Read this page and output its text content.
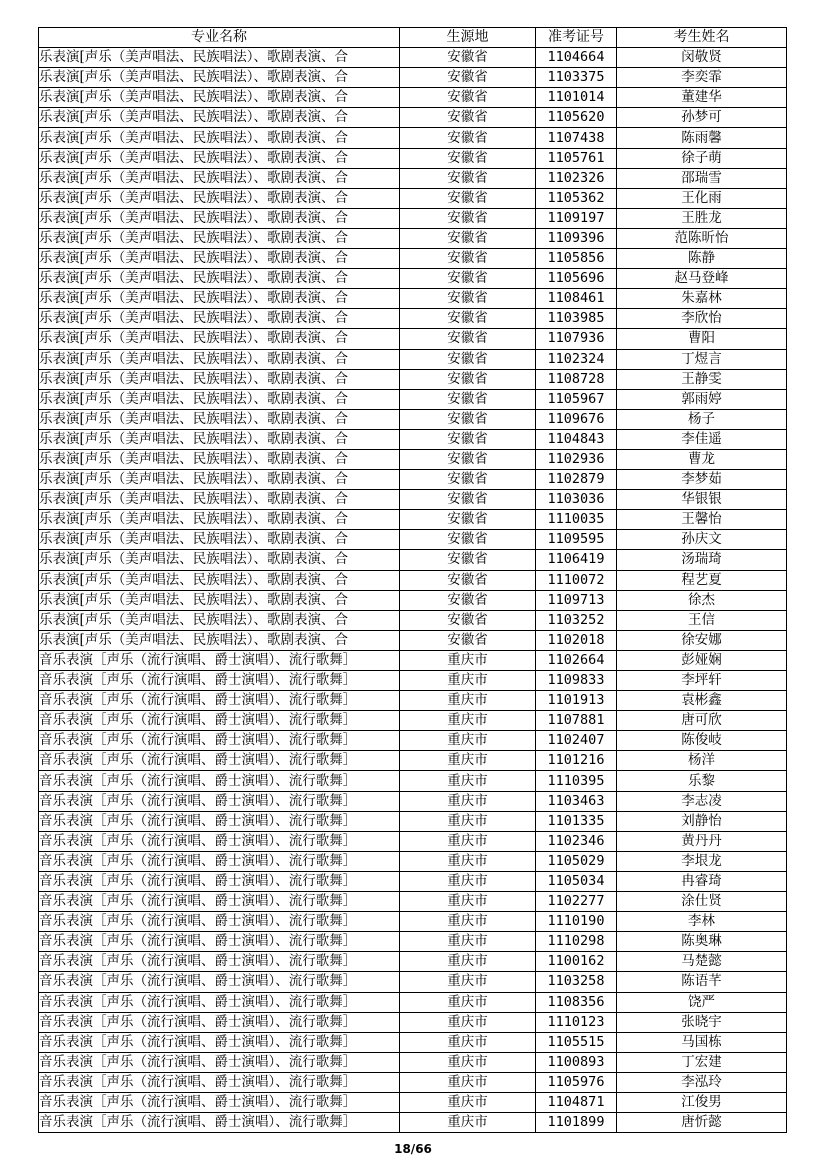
专业名称	生源地	准考证号	考生姓名
乐表演[声乐（美声唱法、民族唱法）、歌剧表演、合	安徽省	1104664	闵敬贤
乐表演[声乐（美声唱法、民族唱法）、歌剧表演、合	安徽省	1103375	李奕霏
乐表演[声乐（美声唱法、民族唱法）、歌剧表演、合	安徽省	1101014	董建华
乐表演[声乐（美声唱法、民族唱法）、歌剧表演、合	安徽省	1105620	孙梦可
乐表演[声乐（美声唱法、民族唱法）、歌剧表演、合	安徽省	1107438	陈雨馨
乐表演[声乐（美声唱法、民族唱法）、歌剧表演、合	安徽省	1105761	徐子萌
乐表演[声乐（美声唱法、民族唱法）、歌剧表演、合	安徽省	1102326	邵瑞雪
乐表演[声乐（美声唱法、民族唱法）、歌剧表演、合	安徽省	1105362	王化雨
乐表演[声乐（美声唱法、民族唱法）、歌剧表演、合	安徽省	1109197	王胜龙
乐表演[声乐（美声唱法、民族唱法）、歌剧表演、合	安徽省	1109396	范陈昕怡
乐表演[声乐（美声唱法、民族唱法）、歌剧表演、合	安徽省	1105856	陈静
乐表演[声乐（美声唱法、民族唱法）、歌剧表演、合	安徽省	1105696	赵马登峰
乐表演[声乐（美声唱法、民族唱法）、歌剧表演、合	安徽省	1108461	朱嘉林
乐表演[声乐（美声唱法、民族唱法）、歌剧表演、合	安徽省	1103985	李欣怡
乐表演[声乐（美声唱法、民族唱法）、歌剧表演、合	安徽省	1107936	曹阳
乐表演[声乐（美声唱法、民族唱法）、歌剧表演、合	安徽省	1102324	丁煜言
乐表演[声乐（美声唱法、民族唱法）、歌剧表演、合	安徽省	1108728	王静雯
乐表演[声乐（美声唱法、民族唱法）、歌剧表演、合	安徽省	1105967	郭雨婷
乐表演[声乐（美声唱法、民族唱法）、歌剧表演、合	安徽省	1109676	杨子
乐表演[声乐（美声唱法、民族唱法）、歌剧表演、合	安徽省	1104843	李佳遥
乐表演[声乐（美声唱法、民族唱法）、歌剧表演、合	安徽省	1102936	曹龙
乐表演[声乐（美声唱法、民族唱法）、歌剧表演、合	安徽省	1102879	李梦茹
乐表演[声乐（美声唱法、民族唱法）、歌剧表演、合	安徽省	1103036	华银银
乐表演[声乐（美声唱法、民族唱法）、歌剧表演、合	安徽省	1110035	王馨怡
乐表演[声乐（美声唱法、民族唱法）、歌剧表演、合	安徽省	1109595	孙庆文
乐表演[声乐（美声唱法、民族唱法）、歌剧表演、合	安徽省	1106419	汤瑞琦
乐表演[声乐（美声唱法、民族唱法）、歌剧表演、合	安徽省	1110072	程艺夏
乐表演[声乐（美声唱法、民族唱法）、歌剧表演、合	安徽省	1109713	徐杰
乐表演[声乐（美声唱法、民族唱法）、歌剧表演、合	安徽省	1103252	王信
乐表演[声乐（美声唱法、民族唱法）、歌剧表演、合	安徽省	1102018	徐安娜
音乐表演［声乐（流行演唱、爵士演唱）、流行歌舞］	重庆市	1102664	彭娅娴
音乐表演［声乐（流行演唱、爵士演唱）、流行歌舞］	重庆市	1109833	李坪轩
音乐表演［声乐（流行演唱、爵士演唱）、流行歌舞］	重庆市	1101913	袁彬鑫
音乐表演［声乐（流行演唱、爵士演唱）、流行歌舞］	重庆市	1107881	唐可欣
音乐表演［声乐（流行演唱、爵士演唱）、流行歌舞］	重庆市	1102407	陈俊岐
音乐表演［声乐（流行演唱、爵士演唱）、流行歌舞］	重庆市	1101216	杨洋
音乐表演［声乐（流行演唱、爵士演唱）、流行歌舞］	重庆市	1110395	乐黎
音乐表演［声乐（流行演唱、爵士演唱）、流行歌舞］	重庆市	1103463	李志凌
音乐表演［声乐（流行演唱、爵士演唱）、流行歌舞］	重庆市	1101335	刘静怡
音乐表演［声乐（流行演唱、爵士演唱）、流行歌舞］	重庆市	1102346	黄丹丹
音乐表演［声乐（流行演唱、爵士演唱）、流行歌舞］	重庆市	1105029	李垠龙
音乐表演［声乐（流行演唱、爵士演唱）、流行歌舞］	重庆市	1105034	冉睿琦
音乐表演［声乐（流行演唱、爵士演唱）、流行歌舞］	重庆市	1102277	涂仕贤
音乐表演［声乐（流行演唱、爵士演唱）、流行歌舞］	重庆市	1110190	李林
音乐表演［声乐（流行演唱、爵士演唱）、流行歌舞］	重庆市	1110298	陈奥琳
音乐表演［声乐（流行演唱、爵士演唱）、流行歌舞］	重庆市	1100162	马楚懿
音乐表演［声乐（流行演唱、爵士演唱）、流行歌舞］	重庆市	1103258	陈语芊
音乐表演［声乐（流行演唱、爵士演唱）、流行歌舞］	重庆市	1108356	饶严
音乐表演［声乐（流行演唱、爵士演唱）、流行歌舞］	重庆市	1110123	张晓宇
音乐表演［声乐（流行演唱、爵士演唱）、流行歌舞］	重庆市	1105515	马国栋
音乐表演［声乐（流行演唱、爵士演唱）、流行歌舞］	重庆市	1100893	丁宏建
音乐表演［声乐（流行演唱、爵士演唱）、流行歌舞］	重庆市	1105976	李泓玲
音乐表演［声乐（流行演唱、爵士演唱）、流行歌舞］	重庆市	1104871	江俊男
音乐表演［声乐（流行演唱、爵士演唱）、流行歌舞］	重庆市	1101899	唐忻懿
18/66
